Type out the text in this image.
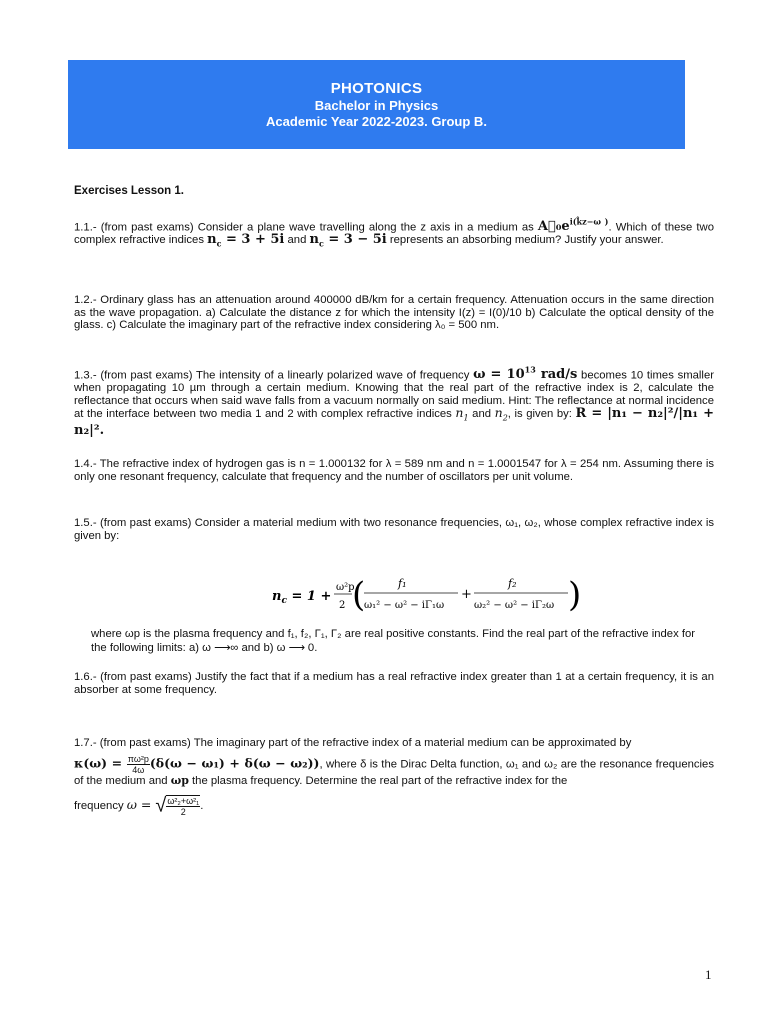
PHOTONICS
Bachelor in Physics
Academic Year 2022-2023. Group B.
Exercises Lesson 1.
1.1.- (from past exams) Consider a plane wave travelling along the z axis in a medium as $A⃗_0e^{i(k̂z-\omega )}$. Which of these two complex refractive indices $n_c = 3 + 5i$ and $n_c = 3 - 5i$ represents an absorbing medium? Justify your answer.
1.2.- Ordinary glass has an attenuation around 400000 dB/km for a certain frequency. Attenuation occurs in the same direction as the wave propagation. a) Calculate the distance z for which the intensity I(z) = I(0)/10 b) Calculate the optical density of the glass. c) Calculate the imaginary part of the refractive index considering λ₀ = 500 nm.
1.3.- (from past exams) The intensity of a linearly polarized wave of frequency $\omega = 10^{13}$ rad/s becomes 10 times smaller when propagating 10 µm through a certain medium. Knowing that the real part of the refractive index is 2, calculate the reflectance that occurs when said wave falls from a vacuum normally on said medium. Hint: The reflectance at normal incidence at the interface between two media 1 and 2 with complex refractive indices $n_1$ and $n_2$, is given by: R = |n₁ − n₂|²/|n₁ + n₂|².
1.4.- The refractive index of hydrogen gas is n = 1.000132 for λ = 589 nm and n = 1.0001547 for λ = 254 nm. Assuming there is only one resonant frequency, calculate that frequency and the number of oscillators per unit volume.
1.5.- (from past exams) Consider a material medium with two resonance frequencies, ω₁, ω₂, whose complex refractive index is given by:
$n_c = 1$ +
ω²p
2 (	f₁
ω₁² − ω² − iΓ₁ω
+
f₂
ω₂² − ω² − iΓ₂ω )
where ωp is the plasma frequency and f₁, f₂, Γ₁, Γ₂ are real positive constants. Find the real part of the refractive index for the following limits: a) ω ⟶∞ and b) ω ⟶ 0.
1.6.- (from past exams) Justify the fact that if a medium has a real refractive index greater than 1 at a certain frequency, it is an absorber at some frequency.
1.7.- (from past exams) The imaginary part of the refractive index of a material medium can be approximated by
$\kappa(\omega) = \frac{\text{πω²p}}{4\omega} (\delta(\omega - \omega_1) + \delta(\omega - \omega_2))$, where δ is the Dirac Delta function, ω₁ and ω₂ are the resonance frequencies of the medium and ωp the plasma frequency. Determine the real part of the refractive index for the
frequency ω = √ $\frac{\text{ω²₂+ω²₁}}{2}$ .
1
